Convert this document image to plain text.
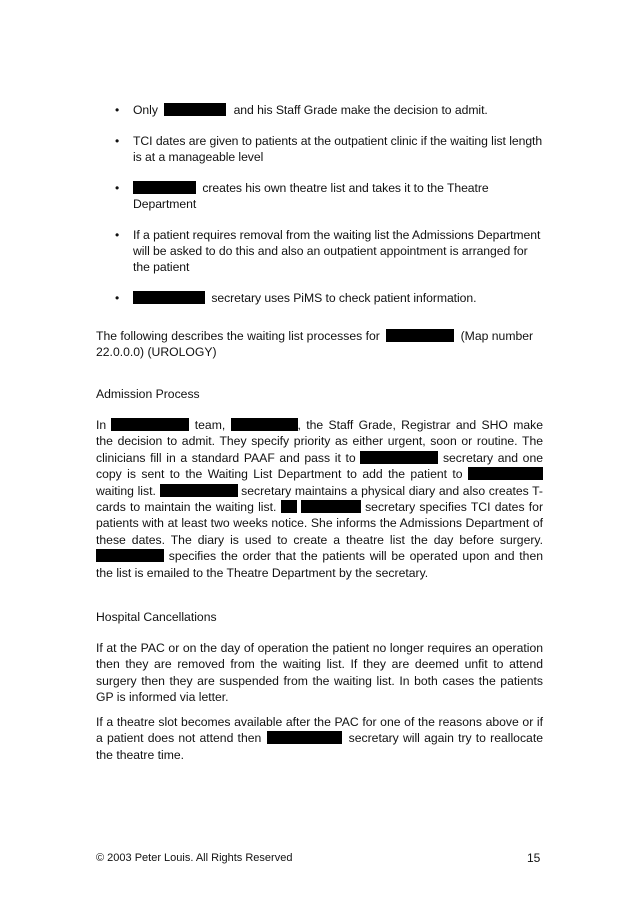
• Only	and his Staff Grade make the decision to admit.
• TCI dates are given to patients at the outpatient clinic if the waiting list length is at a manageable level
•	creates his own theatre list and takes it to the Theatre Department
• If a patient requires removal from the waiting list the Admissions Department will be asked to do this and also an outpatient appointment is arranged for the patient
•	secretary uses PiMS to check patient information.
The following describes the waiting list processes for	(Map number 22.0.0.0) (UROLOGY)
Admission Process
In	team,	, the Staff Grade, Registrar and SHO make the decision to admit. They specify priority as either urgent, soon or routine. The clinicians fill in a standard PAAF and pass it to	secretary and one copy is sent to the Waiting List Department to add the patient to  waiting list.	secretary maintains a physical diary and also creates T-cards to maintain the waiting list.	secretary specifies TCI dates for patients with at least two weeks notice. She informs the Admissions Department of these dates. The diary is used to create a theatre list the day before surgery.  specifies the order that the patients will be operated upon and then the list is emailed to the Theatre Department by the secretary.
Hospital Cancellations
If at the PAC or on the day of operation the patient no longer requires an operation then they are removed from the waiting list. If they are deemed unfit to attend surgery then they are suspended from the waiting list. In both cases the patients GP is informed via letter.
If a theatre slot becomes available after the PAC for one of the reasons above or if a patient does not attend then	secretary will again try to reallocate the theatre time.
© 2003 Peter Louis. All Rights Reserved	15
